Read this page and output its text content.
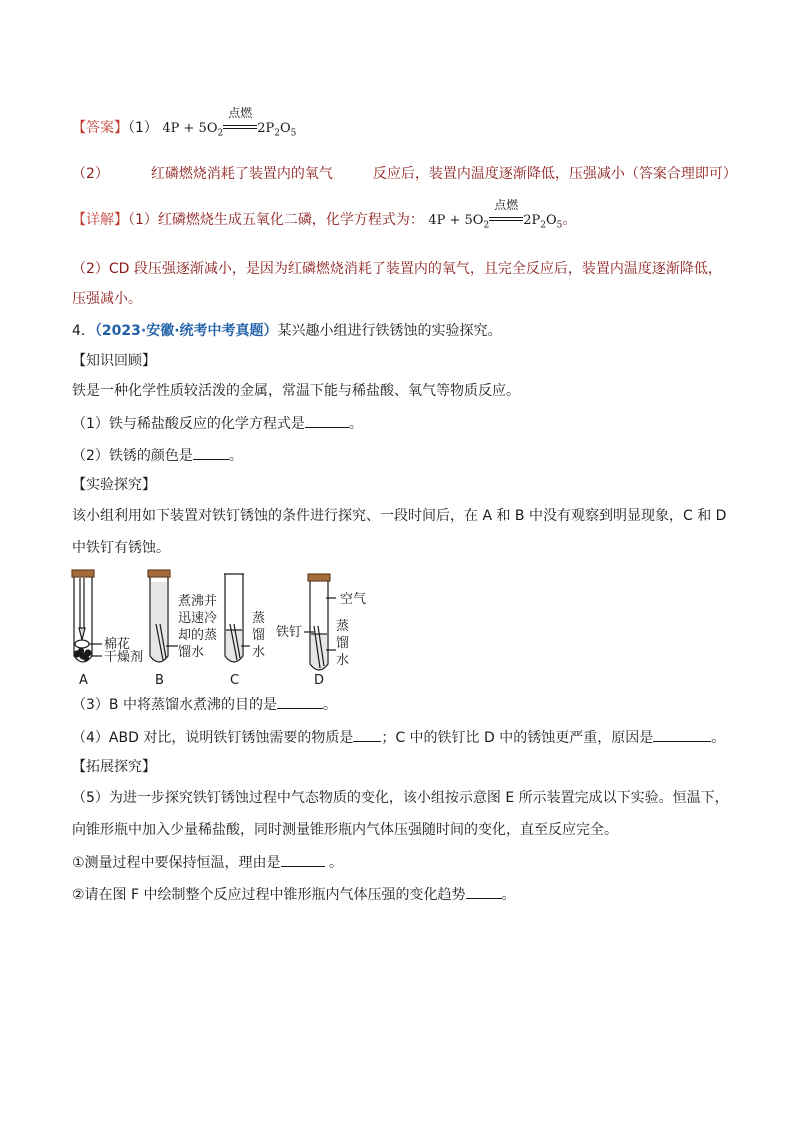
【答案】（1） $4P + 5O_2$
点燃
$2P_2O_5$
（2）	红磷燃烧消耗了装置内的氧气	反应后，装置内温度逐渐降低，压强减小（答案合理即可）
【详解】（1）红磷燃烧生成五氧化二磷，化学方程式为： $4P + 5O_2$
点燃
$2P_2O_5$。
（2）CD 段压强逐渐减小，是因为红磷燃烧消耗了装置内的氧气，且完全反应后，装置内温度逐渐降低，
压强减小。
4．（2023·安徽·统考中考真题）某兴趣小组进行铁锈蚀的实验探究。
【知识回顾】
铁是一种化学性质较活泼的金属，常温下能与稀盐酸、氧气等物质反应。
（1）铁与稀盐酸反应的化学方程式是	。
（2）铁锈的颜色是	。
【实验探究】
该小组利用如下装置对铁钉锈蚀的条件进行探究、一段时间后，在 A 和 B 中没有观察到明显现象，C 和 D
中铁钉有锈蚀。
棉花
干燥剂
煮沸并
迅速冷
却的蒸
馏水
蒸
馏
水
铁钉
空气
蒸
馏
水
A	B	C	D
（3）B 中将蒸馏水煮沸的目的是	。
（4）ABD 对比，说明铁钉锈蚀需要的物质是 ；C 中的铁钉比 D 中的锈蚀更严重，原因是	。
【拓展探究】
（5）为进一步探究铁钉锈蚀过程中气态物质的变化，该小组按示意图 E 所示装置完成以下实验。恒温下，
向锥形瓶中加入少量稀盐酸，同时测量锥形瓶内气体压强随时间的变化，直至反应完全。
①测量过程中要保持恒温，理由是	。
②请在图 F 中绘制整个反应过程中锥形瓶内气体压强的变化趋势	。
